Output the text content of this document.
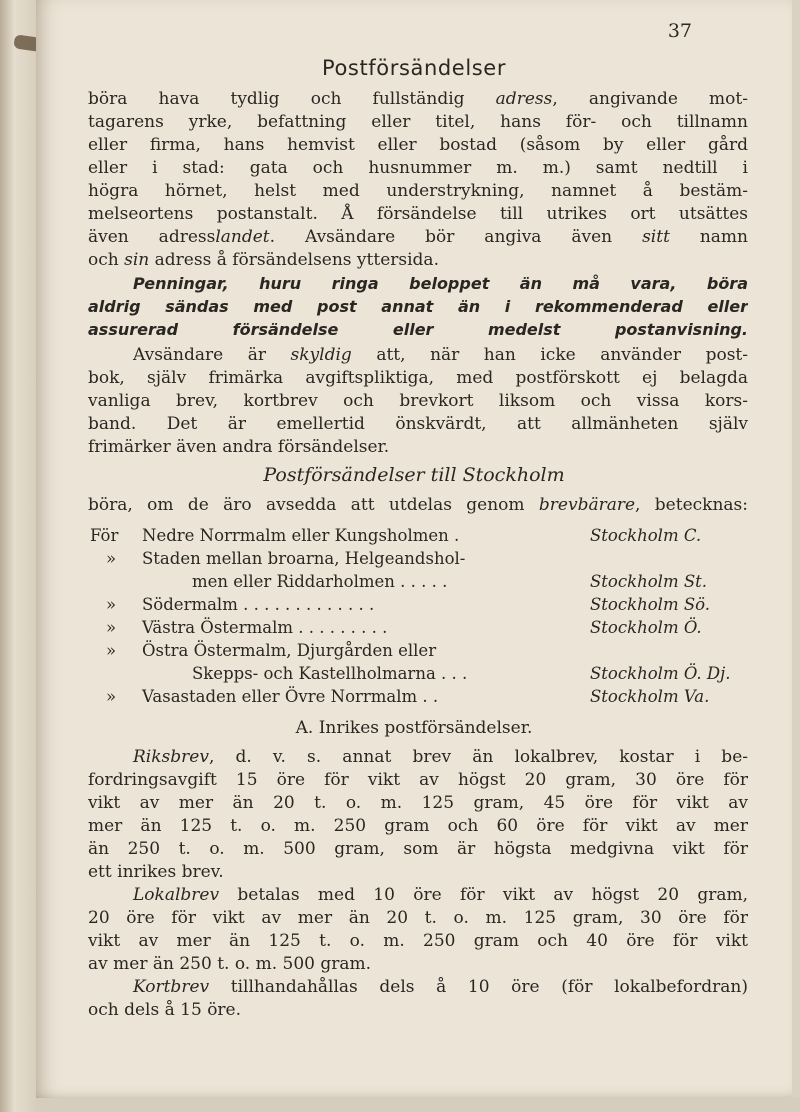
37
Postförsändelser
böra hava tydlig och fullständig adress, angivande mot-
tagarens yrke, befattning eller titel, hans för- och tillnamn
eller firma, hans hemvist eller bostad (såsom by eller gård
eller i stad: gata och husnummer m. m.) samt nedtill i
högra hörnet, helst med understrykning, namnet å bestäm-
melseortens postanstalt. Å försändelse till utrikes ort utsättes
även adresslandet. Avsändare bör angiva även sitt namn
och sin adress å försändelsens yttersida.
Penningar, huru ringa beloppet än må vara, böra
aldrig sändas med post annat än i rekommenderad eller
assurerad försändelse eller medelst postanvisning.
Avsändare är skyldig att, när han icke använder post-
bok, själv frimärka avgiftspliktiga, med postförskott ej belagda
vanliga brev, kortbrev och brevkort liksom och vissa kors-
band. Det är emellertid önskvärdt, att allmänheten själv
frimärker även andra försändelser.
Postförsändelser till Stockholm
böra, om de äro avsedda att utdelas genom brevbärare, betecknas:
För Nedre Norrmalm eller Kungsholmen .	Stockholm C.
»	Staden mellan broarna, Helgeandshol-
men eller Riddarholmen . . . . .	Stockholm St.
»	Södermalm . . . . . . . . . . . . .	Stockholm Sö.
»	Västra Östermalm . . . . . . . . .	Stockholm Ö.
»	Östra Östermalm, Djurgården eller
Skepps- och Kastellholmarna . . .	Stockholm Ö. Dj.
»	Vasastaden eller Övre Norrmalm . .	Stockholm Va.
A. Inrikes postförsändelser.
Riksbrev, d. v. s. annat brev än lokalbrev, kostar i be-
fordringsavgift 15 öre för vikt av högst 20 gram, 30 öre för
vikt av mer än 20 t. o. m. 125 gram, 45 öre för vikt av
mer än 125 t. o. m. 250 gram och 60 öre för vikt av mer
än 250 t. o. m. 500 gram, som är högsta medgivna vikt för
ett inrikes brev.
Lokalbrev betalas med 10 öre för vikt av högst 20 gram,
20 öre för vikt av mer än 20 t. o. m. 125 gram, 30 öre för
vikt av mer än 125 t. o. m. 250 gram och 40 öre för vikt
av mer än 250 t. o. m. 500 gram.
Kortbrev tillhandahållas dels å 10 öre (för lokalbefordran)
och dels å 15 öre.
